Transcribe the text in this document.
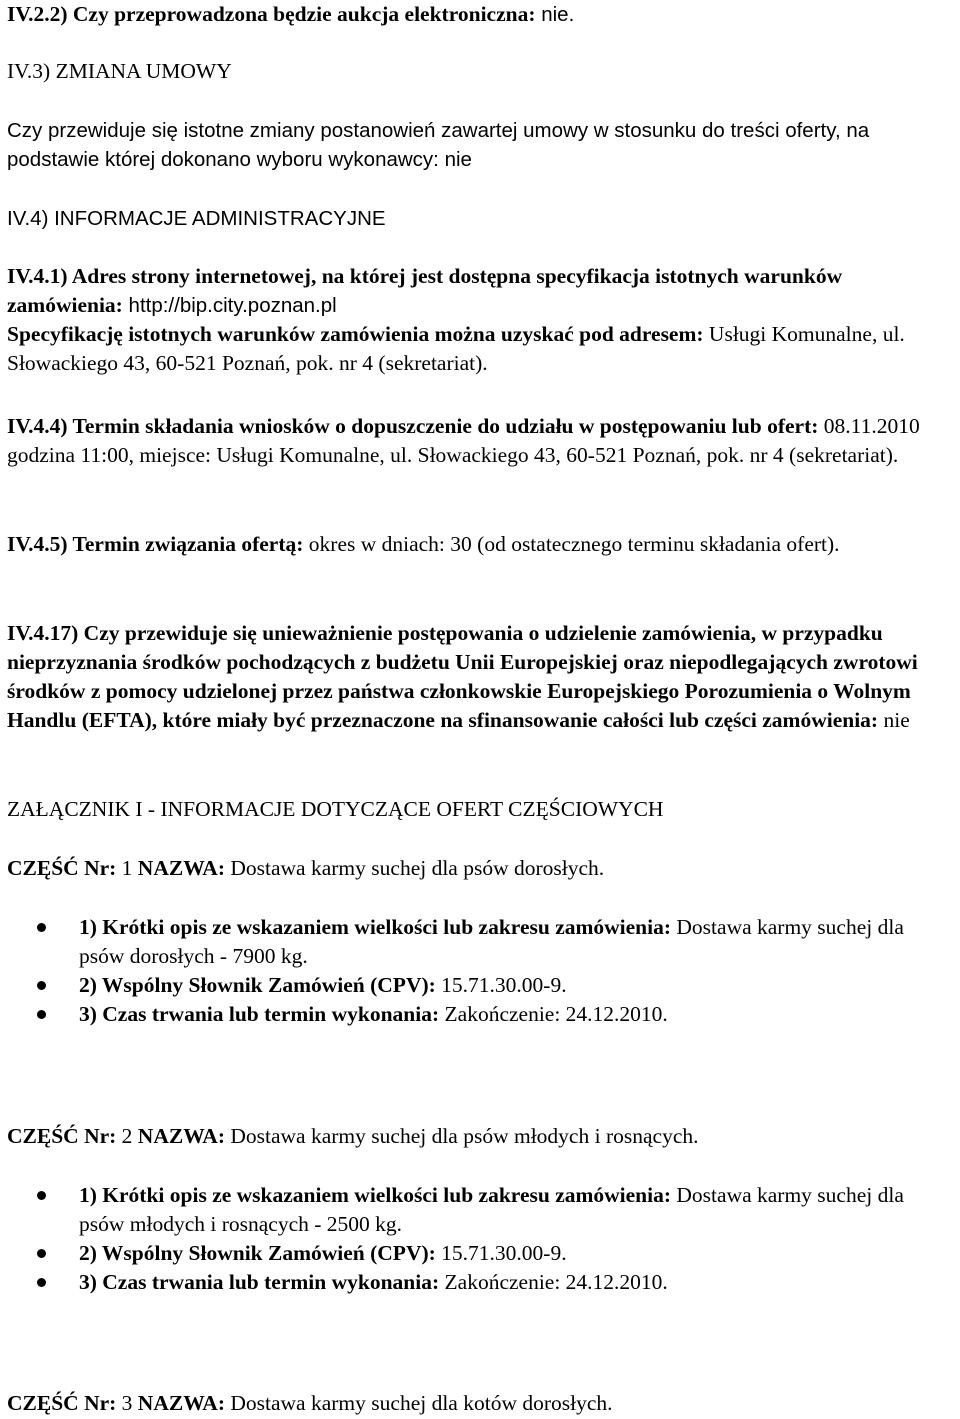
IV.2.2) Czy przeprowadzona będzie aukcja elektroniczna: nie.

IV.3) ZMIANA UMOWY

Czy przewiduje się istotne zmiany postanowień zawartej umowy w stosunku do treści oferty, na podstawie której dokonano wyboru wykonawcy: nie

IV.4) INFORMACJE ADMINISTRACYJNE

IV.4.1) Adres strony internetowej, na której jest dostępna specyfikacja istotnych warunków zamówienia: http://bip.city.poznan.pl
Specyfikację istotnych warunków zamówienia można uzyskać pod adresem: Usługi Komunalne, ul. Słowackiego 43, 60-521 Poznań, pok. nr 4 (sekretariat).

IV.4.4) Termin składania wniosków o dopuszczenie do udziału w postępowaniu lub ofert: 08.11.2010 godzina 11:00, miejsce: Usługi Komunalne, ul. Słowackiego 43, 60-521 Poznań, pok. nr 4 (sekretariat).

IV.4.5) Termin związania ofertą: okres w dniach: 30 (od ostatecznego terminu składania ofert).

IV.4.17) Czy przewiduje się unieważnienie postępowania o udzielenie zamówienia, w przypadku nieprzyznania środków pochodzących z budżetu Unii Europejskiej oraz niepodlegających zwrotowi środków z pomocy udzielonej przez państwa członkowskie Europejskiego Porozumienia o Wolnym Handlu (EFTA), które miały być przeznaczone na sfinansowanie całości lub części zamówienia: nie

ZAŁĄCZNIK I - INFORMACJE DOTYCZĄCE OFERT CZĘŚCIOWYCH

CZĘŚĆ Nr: 1 NAZWA: Dostawa karmy suchej dla psów dorosłych.

1) Krótki opis ze wskazaniem wielkości lub zakresu zamówienia: Dostawa karmy suchej dla psów dorosłych - 7900 kg.
2) Wspólny Słownik Zamówień (CPV): 15.71.30.00-9.
3) Czas trwania lub termin wykonania: Zakończenie: 24.12.2010.

CZĘŚĆ Nr: 2 NAZWA: Dostawa karmy suchej dla psów młodych i rosnących.

1) Krótki opis ze wskazaniem wielkości lub zakresu zamówienia: Dostawa karmy suchej dla psów młodych i rosnących - 2500 kg.
2) Wspólny Słownik Zamówień (CPV): 15.71.30.00-9.
3) Czas trwania lub termin wykonania: Zakończenie: 24.12.2010.

CZĘŚĆ Nr: 3 NAZWA: Dostawa karmy suchej dla kotów dorosłych.
